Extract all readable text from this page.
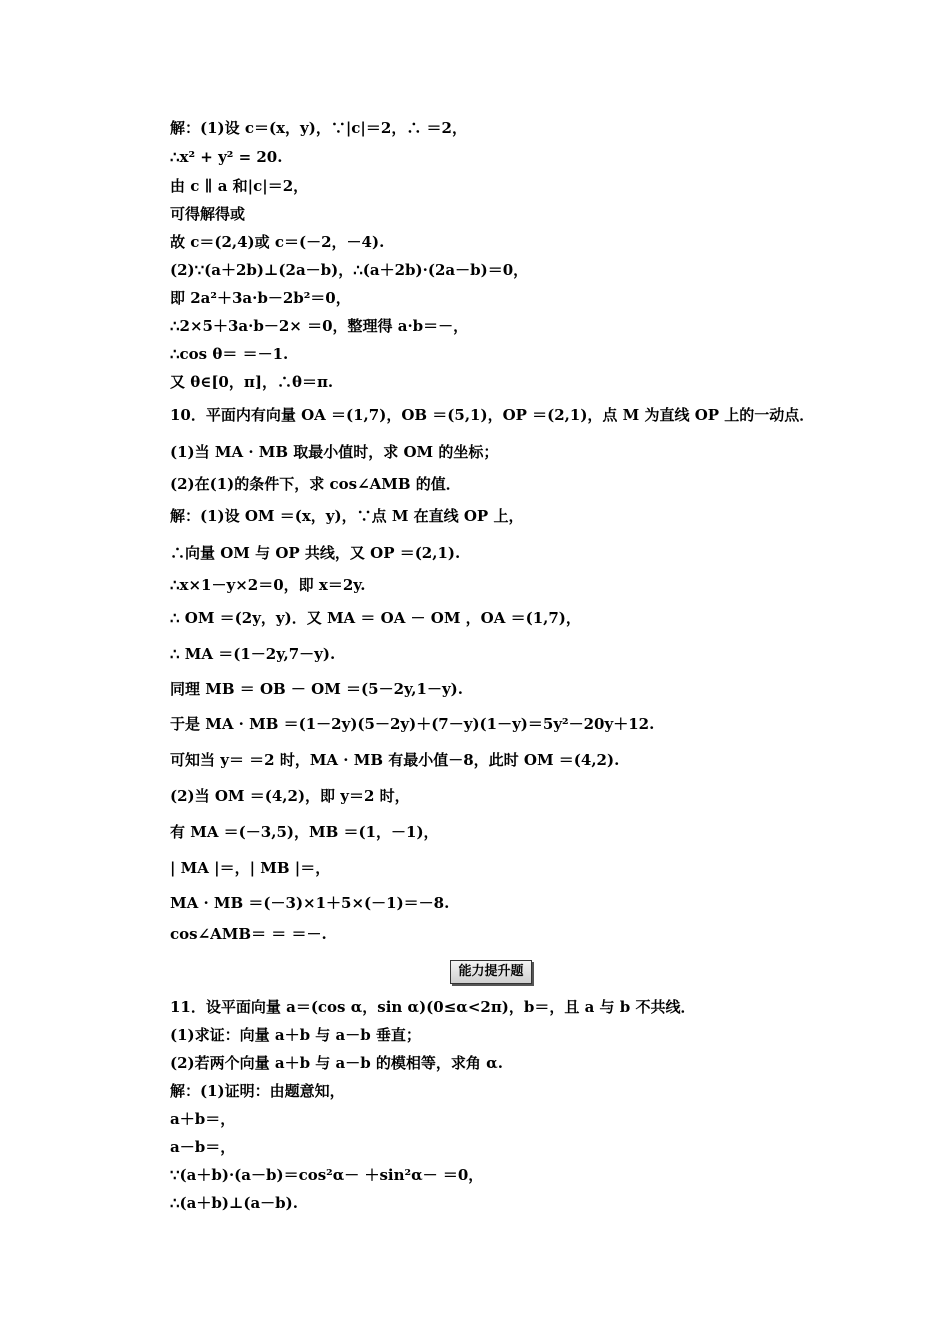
解：(1)设 c＝(x，y)，∵|c|＝2，∴ ＝2，
∴x² + y² = 20.
由 c ∥ a 和|c|＝2，
可得解得或
故 c＝(2,4)或 c＝(－2，－4).
(2)∵(a＋2b)⊥(2a－b)，∴(a＋2b)·(2a－b)＝0，
即 2a²＋3a·b－2b²＝0，
∴2×5＋3a·b－2× ＝0，整理得 a·b＝－，
∴cos θ＝ ＝－1.
又 θ∈[0，π]，∴θ＝π.
10．平面内有向量 OA ＝(1,7)，OB ＝(5,1)，OP ＝(2,1)，点 M 为直线 OP 上的一动点．
(1)当 MA · MB 取最小值时，求 OM 的坐标；
(2)在(1)的条件下，求 cos∠AMB 的值．
解：(1)设 OM ＝(x，y)，∵点 M 在直线 OP 上，
∴向量 OM 与 OP 共线，又 OP ＝(2,1).
∴x×1－y×2＝0，即 x＝2y.
∴ OM ＝(2y，y)．又 MA ＝ OA － OM ，OA ＝(1,7)，
∴ MA ＝(1－2y,7－y).
同理 MB ＝ OB － OM ＝(5－2y,1－y).
于是 MA · MB ＝(1－2y)(5－2y)＋(7－y)(1－y)＝5y²－20y＋12.
可知当 y＝ ＝2 时，MA · MB 有最小值－8，此时 OM ＝(4,2).
(2)当 OM ＝(4,2)，即 y＝2 时，
有 MA ＝(－3,5)，MB ＝(1，－1)，
| MA |＝，| MB |＝，
MA · MB ＝(－3)×1＋5×(－1)＝－8.
cos∠AMB＝ ＝ ＝－.
11．设平面向量 a＝(cos α，sin α)(0≤α<2π)，b＝，且 a 与 b 不共线．
(1)求证：向量 a＋b 与 a－b 垂直；
(2)若两个向量 a＋b 与 a－b 的模相等，求角 α.
解：(1)证明：由题意知，
a＋b＝，
a－b＝，
∵(a＋b)·(a－b)＝cos²α－ ＋sin²α－ ＝0，
∴(a＋b)⊥(a－b).
能力提升题
